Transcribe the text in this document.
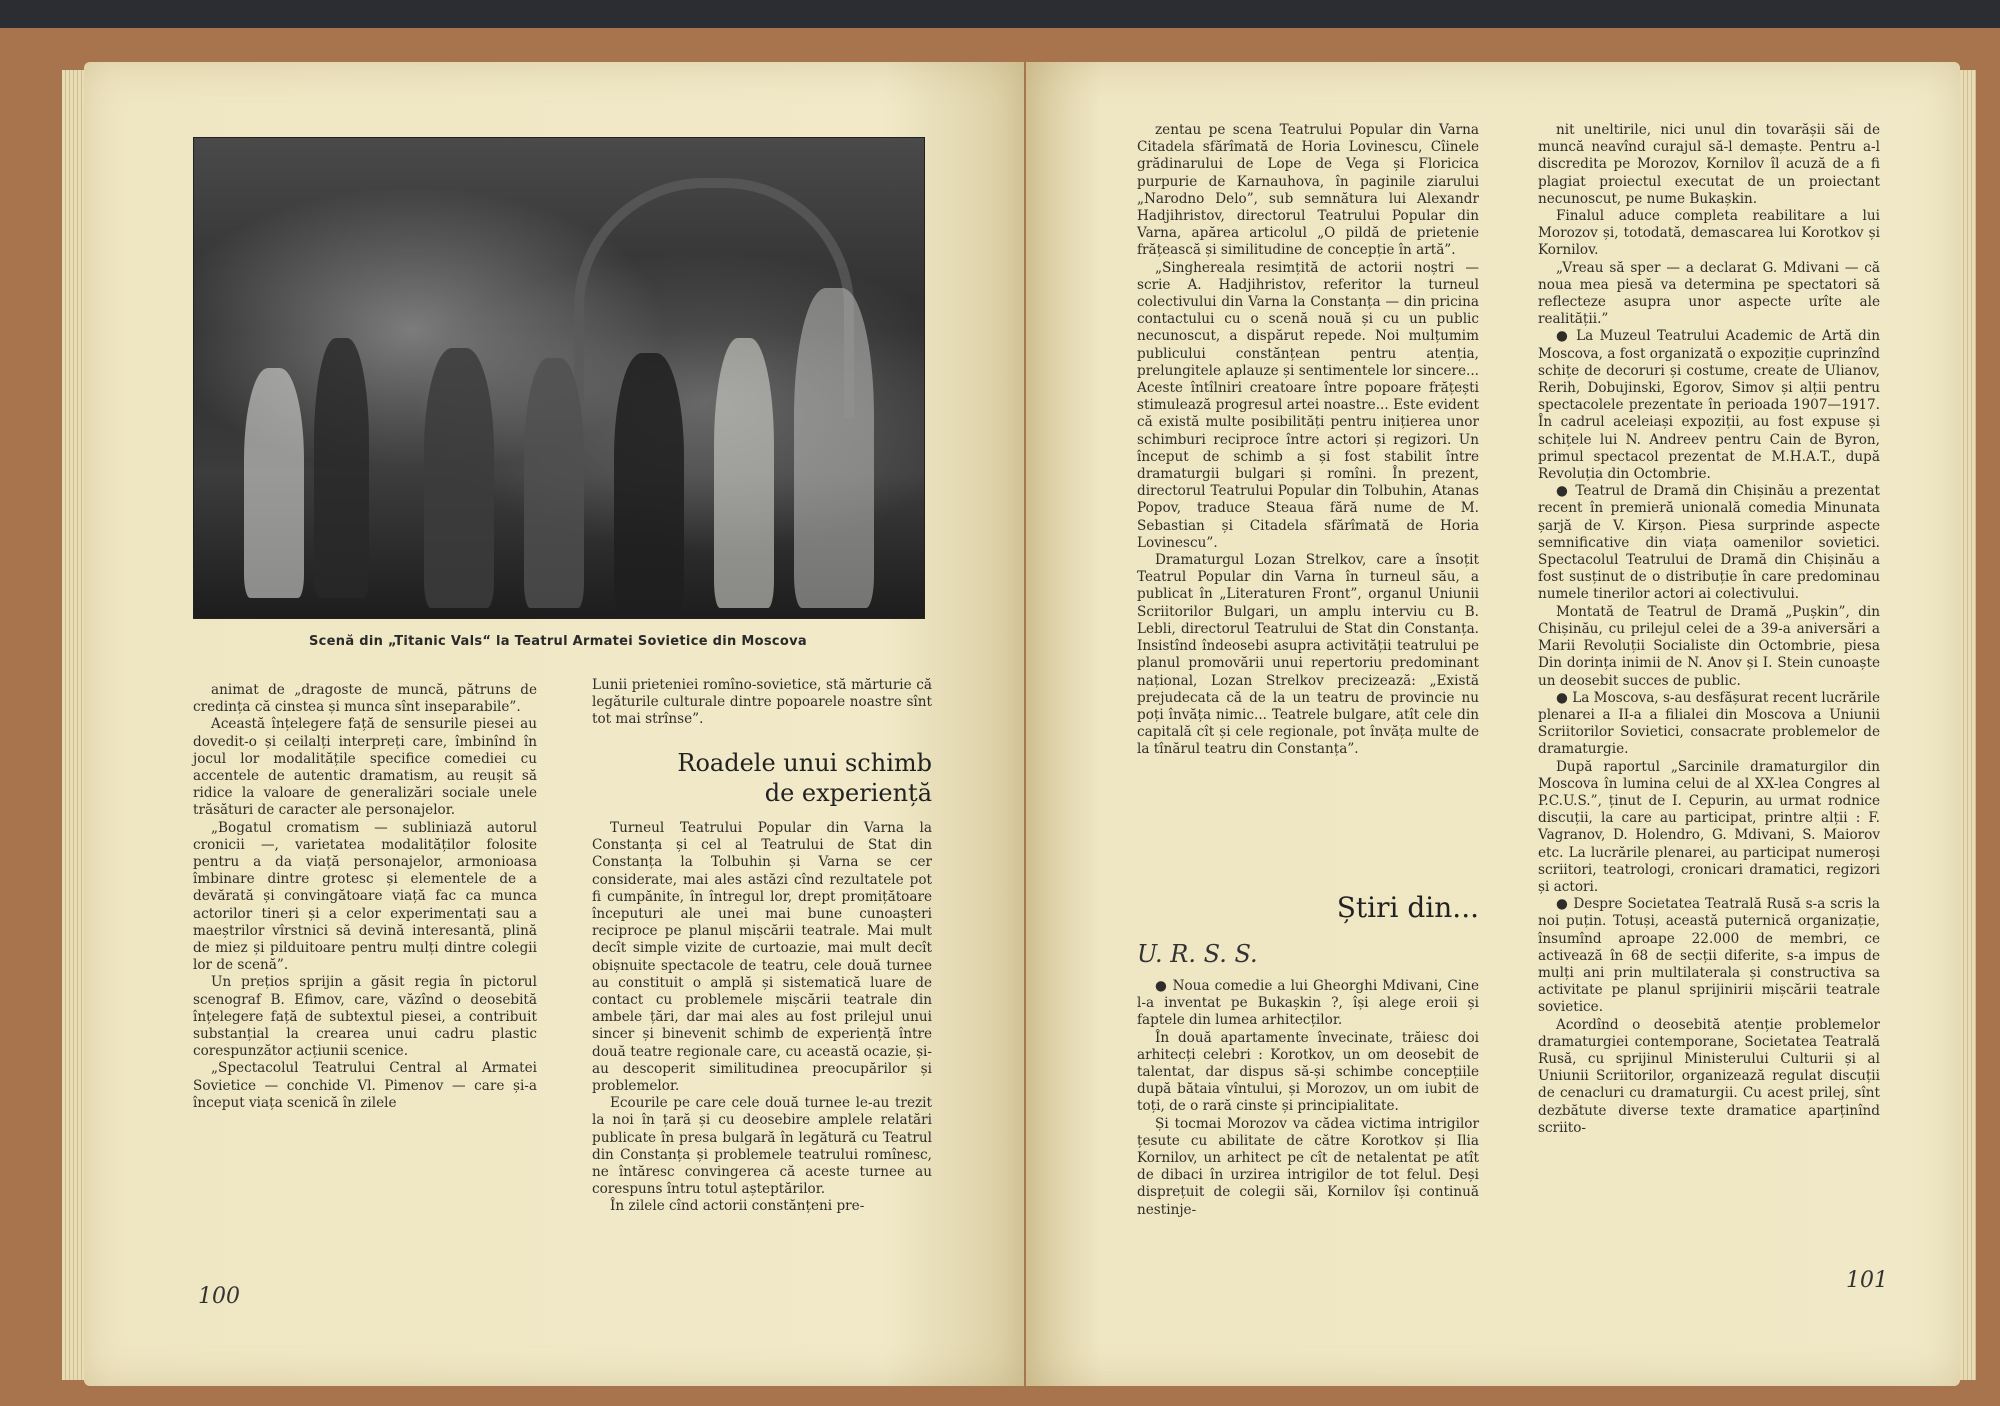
Scenă din „Titanic Vals“ la Teatrul Armatei Sovietice din Moscova

animat de „dragoste de muncă, pătruns de credința că cinstea și munca sînt inseparabile”.

Această înțelegere față de sensurile piesei au dovedit-o și ceilalți interpreți care, îmbinînd în jocul lor modalitățile specifice comediei cu accentele de autentic dramatism, au reușit să ridice la valoare de generalizări sociale unele trăsături de caracter ale personajelor.

„Bogatul cromatism — subliniază autorul cronicii —, varietatea modalităților folosite pentru a da viață personajelor, armonioasa îmbinare dintre grotesc și elementele de a devărată și convingătoare viață fac ca munca actorilor tineri și a celor experimentați sau a maeștrilor vîrstnici să devină interesantă, plină de miez și pilduitoare pentru mulți dintre colegii lor de scenă”.

Un prețios sprijin a găsit regia în pictorul scenograf B. Efimov, care, văzînd o deosebită înțelegere față de subtextul piesei, a contribuit substanțial la crearea unui cadru plastic corespunzător acțiunii scenice.

„Spectacolul Teatrului Central al Armatei Sovietice — conchide Vl. Pimenov — care și-a început viața scenică în zilele

Lunii prieteniei romîno-sovietice, stă mărturie că legăturile culturale dintre popoarele noastre sînt tot mai strînse”.

Roadele unui schimb
de experiență

Turneul Teatrului Popular din Varna la Constanța și cel al Teatrului de Stat din Constanța la Tolbuhin și Varna se cer considerate, mai ales astăzi cînd rezultatele pot fi cumpănite, în întregul lor, drept promițătoare începuturi ale unei mai bune cunoașteri reciproce pe planul mișcării teatrale. Mai mult decît simple vizite de curtoazie, mai mult decît obișnuite spectacole de teatru, cele două turnee au constituit o amplă și sistematică luare de contact cu problemele mișcării teatrale din ambele țări, dar mai ales au fost prilejul unui sincer și binevenit schimb de experiență între două teatre regionale care, cu această ocazie, și-au descoperit similitudinea preocupărilor și problemelor.

Ecourile pe care cele două turnee le-au trezit la noi în țară și cu deosebire amplele relatări publicate în presa bulgară în legătură cu Teatrul din Constanța și problemele teatrului romînesc, ne întăresc convingerea că aceste turnee au corespuns întru totul așteptărilor.

În zilele cînd actorii constănțeni pre-

100

zentau pe scena Teatrului Popular din Varna Citadela sfărîmată de Horia Lovinescu, Cîinele grădinarului de Lope de Vega și Floricica purpurie de Karnauhova, în paginile ziarului „Narodno Delo”, sub semnătura lui Alexandr Hadjihristov, directorul Teatrului Popular din Varna, apărea articolul „O pildă de prietenie frățească și similitudine de concepție în artă”.

„Singhereala resimțită de actorii noștri — scrie A. Hadjihristov, referitor la turneul colectivului din Varna la Constanța — din pricina contactului cu o scenă nouă și cu un public necunoscut, a dispărut repede. Noi mulțumim publicului constănțean pentru atenția, prelungitele aplauze și sentimentele lor sincere... Aceste întîlniri creatoare între popoare frățești stimulează progresul artei noastre... Este evident că există multe posibilități pentru inițierea unor schimburi reciproce între actori și regizori. Un început de schimb a și fost stabilit între dramaturgii bulgari și romîni. În prezent, directorul Teatrului Popular din Tolbuhin, Atanas Popov, traduce Steaua fără nume de M. Sebastian și Citadela sfărîmată de Horia Lovinescu”.

Dramaturgul Lozan Strelkov, care a însoțit Teatrul Popular din Varna în turneul său, a publicat în „Literaturen Front”, organul Uniunii Scriitorilor Bulgari, un amplu interviu cu B. Lebli, directorul Teatrului de Stat din Constanța. Insistînd îndeosebi asupra activității teatrului pe planul promovării unui repertoriu predominant național, Lozan Strelkov precizează: „Există prejudecata că de la un teatru de provincie nu poți învăța nimic... Teatrele bulgare, atît cele din capitală cît și cele regionale, pot învăța multe de la tînărul teatru din Constanța”.

Știri din...
U. R. S. S.

● Noua comedie a lui Gheorghi Mdivani, Cine l-a inventat pe Bukașkin ?, își alege eroii și faptele din lumea arhitecților.

În două apartamente învecinate, trăiesc doi arhitecți celebri : Korotkov, un om deosebit de talentat, dar dispus să-și schimbe concepțiile după bătaia vîntului, și Morozov, un om iubit de toți, de o rară cinste și principialitate.

Și tocmai Morozov va cădea victima intrigilor țesute cu abilitate de către Korotkov și Ilia Kornilov, un arhitect pe cît de netalentat pe atît de dibaci în urzirea intrigilor de tot felul. Deși disprețuit de colegii săi, Kornilov își continuă nestinje-

nit uneltirile, nici unul din tovarășii săi de muncă neavînd curajul să-l demaște. Pentru a-l discredita pe Morozov, Kornilov îl acuză de a fi plagiat proiectul executat de un proiectant necunoscut, pe nume Bukașkin.

Finalul aduce completa reabilitare a lui Morozov și, totodată, demascarea lui Korotkov și Kornilov.

„Vreau să sper — a declarat G. Mdivani — că noua mea piesă va determina pe spectatori să reflecteze asupra unor aspecte urîte ale realității.”

● La Muzeul Teatrului Academic de Artă din Moscova, a fost organizată o expoziție cuprinzînd schițe de decoruri și costume, create de Ulianov, Rerih, Dobujinski, Egorov, Simov și alții pentru spectacolele prezentate în perioada 1907—1917. În cadrul aceleiași expoziții, au fost expuse și schițele lui N. Andreev pentru Cain de Byron, primul spectacol prezentat de M.H.A.T., după Revoluția din Octombrie.

● Teatrul de Dramă din Chișinău a prezentat recent în premieră unională comedia Minunata șarjă de V. Kirșon. Piesa surprinde aspecte semnificative din viața oamenilor sovietici. Spectacolul Teatrului de Dramă din Chișinău a fost susținut de o distribuție în care predominau numele tinerilor actori ai colectivului.

Montată de Teatrul de Dramă „Pușkin”, din Chișinău, cu prilejul celei de a 39-a aniversări a Marii Revoluții Socialiste din Octombrie, piesa Din dorința inimii de N. Anov și I. Stein cunoaște un deosebit succes de public.

● La Moscova, s-au desfășurat recent lucrările plenarei a II-a a filialei din Moscova a Uniunii Scriitorilor Sovietici, consacrate problemelor de dramaturgie.

După raportul „Sarcinile dramaturgilor din Moscova în lumina celui de al XX-lea Congres al P.C.U.S.”, ținut de I. Cepurin, au urmat rodnice discuții, la care au participat, printre alții : F. Vagranov, D. Holendro, G. Mdivani, S. Maiorov etc. La lucrările plenarei, au participat numeroși scriitori, teatrologi, cronicari dramatici, regizori și actori.

● Despre Societatea Teatrală Rusă s-a scris la noi puțin. Totuși, această puternică organizație, însumînd aproape 22.000 de membri, ce activează în 68 de secții diferite, s-a impus de mulți ani prin multilaterala și constructiva sa activitate pe planul sprijinirii mișcării teatrale sovietice.

Acordînd o deosebită atenție problemelor dramaturgiei contemporane, Societatea Teatrală Rusă, cu sprijinul Ministerului Culturii și al Uniunii Scriitorilor, organizează regulat discuții de cenacluri cu dramaturgii. Cu acest prilej, sînt dezbătute diverse texte dramatice aparținînd scriito-

101
